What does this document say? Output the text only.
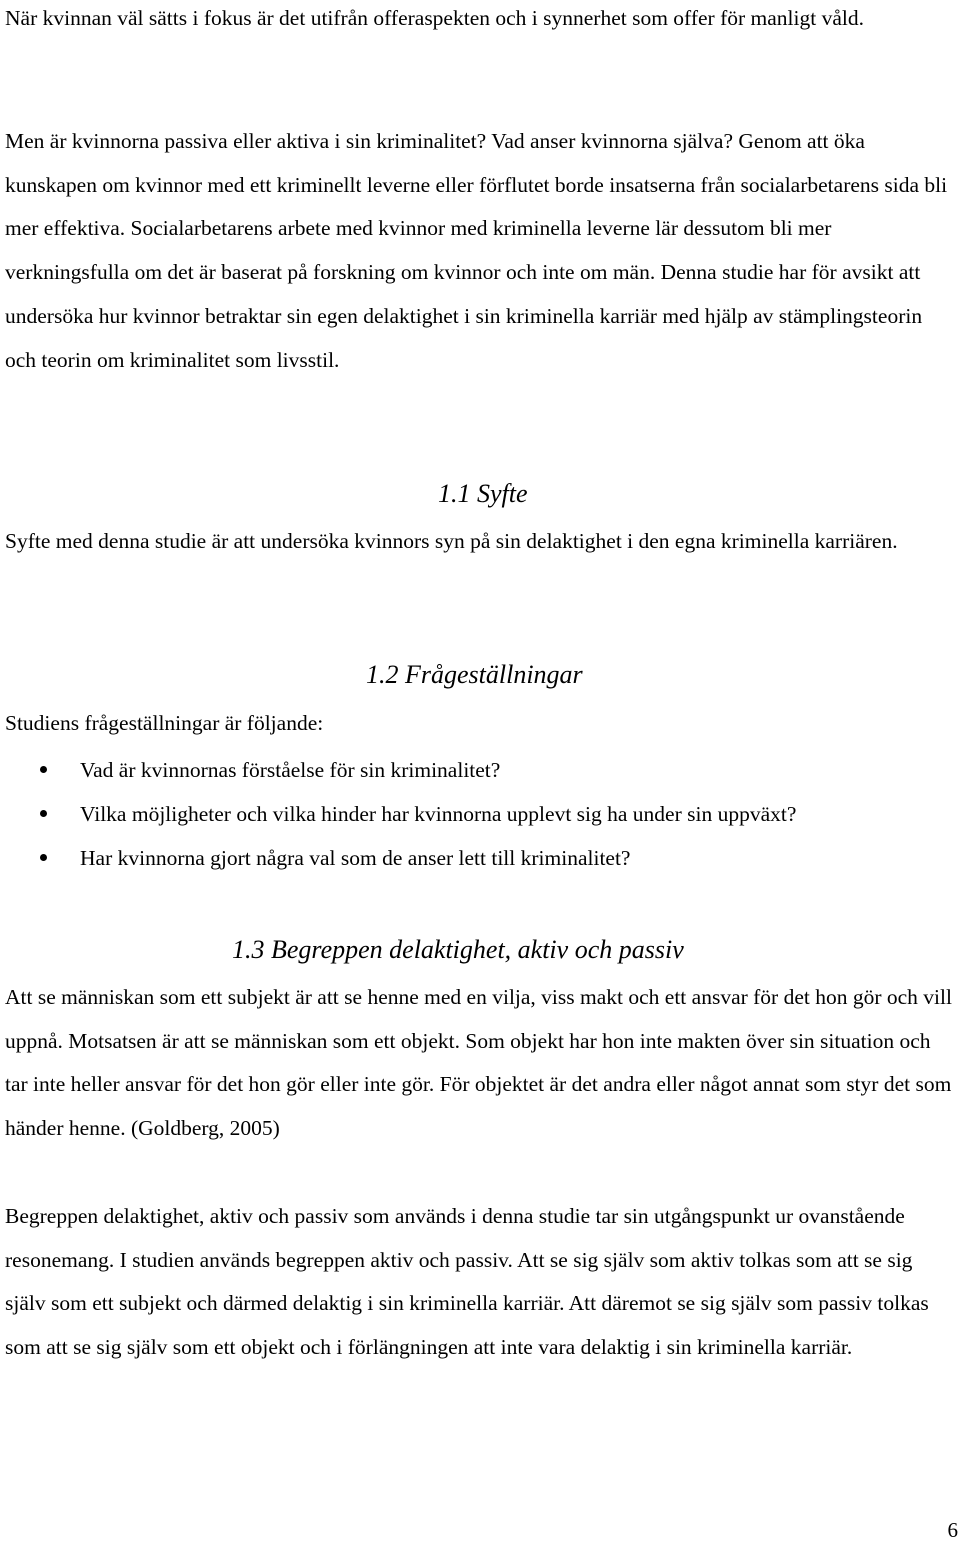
När kvinnan väl sätts i fokus är det utifrån offeraspekten och i synnerhet som offer för manligt våld.

Men är kvinnorna passiva eller aktiva i sin kriminalitet? Vad anser kvinnorna själva? Genom att öka kunskapen om kvinnor med ett kriminellt leverne eller förflutet borde insatserna från socialarbetarens sida bli mer effektiva. Socialarbetarens arbete med kvinnor med kriminella leverne lär dessutom bli mer verkningsfulla om det är baserat på forskning om kvinnor och inte om män. Denna studie har för avsikt att undersöka hur kvinnor betraktar sin egen delaktighet i sin kriminella karriär med hjälp av stämplingsteorin och teorin om kriminalitet som livsstil.

1.1 Syfte

Syfte med denna studie är att undersöka kvinnors syn på sin delaktighet i den egna kriminella karriären.

1.2 Frågeställningar

Studiens frågeställningar är följande:

Vad är kvinnornas förståelse för sin kriminalitet?
Vilka möjligheter och vilka hinder har kvinnorna upplevt sig ha under sin uppväxt?
Har kvinnorna gjort några val som de anser lett till kriminalitet?
1.3 Begreppen delaktighet, aktiv och passiv

Att se människan som ett subjekt är att se henne med en vilja, viss makt och ett ansvar för det hon gör och vill uppnå. Motsatsen är att se människan som ett objekt. Som objekt har hon inte makten över sin situation och tar inte heller ansvar för det hon gör eller inte gör. För objektet är det andra eller något annat som styr det som händer henne. (Goldberg, 2005)

Begreppen delaktighet, aktiv och passiv som används i denna studie tar sin utgångspunkt ur ovanstående resonemang. I studien används begreppen aktiv och passiv. Att se sig själv som aktiv tolkas som att se sig själv som ett subjekt och därmed delaktig i sin kriminella karriär. Att däremot se sig själv som passiv tolkas som att se sig själv som ett objekt och i förlängningen att inte vara delaktig i sin kriminella karriär.

6
